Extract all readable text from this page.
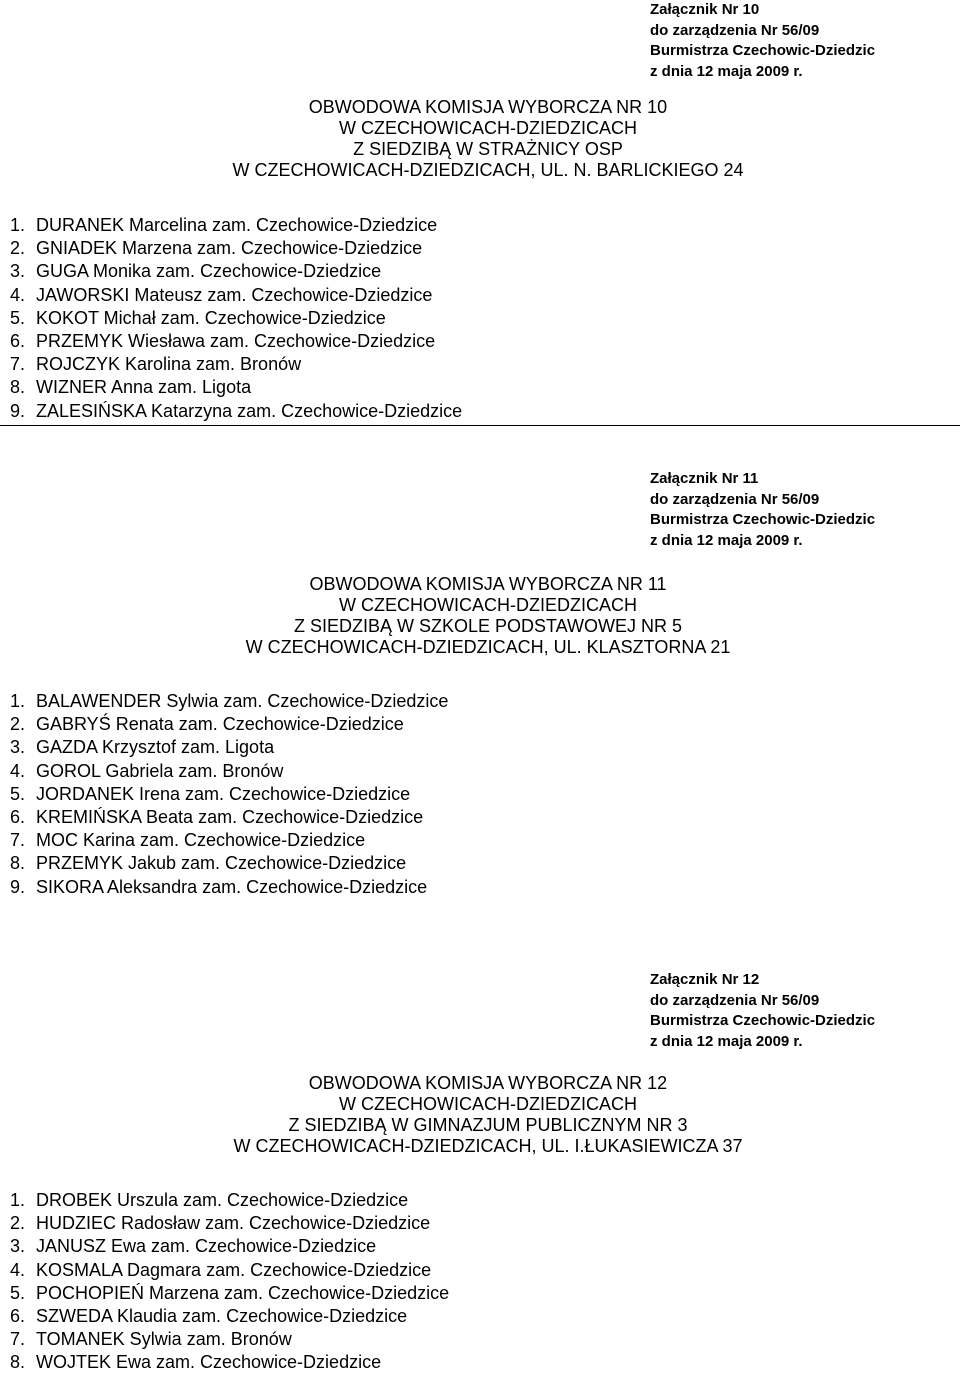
Załącznik Nr 10
do zarządzenia Nr 56/09
Burmistrza Czechowic-Dziedzic
z dnia 12 maja 2009 r.
OBWODOWA KOMISJA WYBORCZA NR 10
W CZECHOWICACH-DZIEDZICACH
Z SIEDZIBĄ W STRAŻNICY OSP
W CZECHOWICACH-DZIEDZICACH, UL. N. BARLICKIEGO 24
1. DURANEK Marcelina zam. Czechowice-Dziedzice
2. GNIADEK Marzena zam. Czechowice-Dziedzice
3. GUGA Monika zam. Czechowice-Dziedzice
4. JAWORSKI Mateusz zam. Czechowice-Dziedzice
5. KOKOT Michał zam. Czechowice-Dziedzice
6. PRZEMYK Wiesława zam. Czechowice-Dziedzice
7. ROJCZYK Karolina zam. Bronów
8. WIZNER Anna zam. Ligota
9. ZALESIŃSKA Katarzyna zam. Czechowice-Dziedzice
Załącznik Nr 11
do zarządzenia Nr 56/09
Burmistrza Czechowic-Dziedzic
z dnia 12 maja 2009 r.
OBWODOWA KOMISJA WYBORCZA NR 11
W CZECHOWICACH-DZIEDZICACH
Z SIEDZIBĄ W SZKOLE PODSTAWOWEJ NR 5
W CZECHOWICACH-DZIEDZICACH, UL. KLASZTORNA 21
1. BALAWENDER Sylwia zam. Czechowice-Dziedzice
2. GABRYŚ Renata zam. Czechowice-Dziedzice
3. GAZDA Krzysztof zam. Ligota
4. GOROL Gabriela zam. Bronów
5. JORDANEK Irena zam. Czechowice-Dziedzice
6. KREMIŃSKA Beata zam. Czechowice-Dziedzice
7. MOC Karina zam. Czechowice-Dziedzice
8. PRZEMYK Jakub zam. Czechowice-Dziedzice
9. SIKORA Aleksandra zam. Czechowice-Dziedzice
Załącznik Nr 12
do zarządzenia Nr 56/09
Burmistrza Czechowic-Dziedzic
z dnia 12 maja 2009 r.
OBWODOWA KOMISJA WYBORCZA NR 12
W CZECHOWICACH-DZIEDZICACH
Z SIEDZIBĄ W GIMNAZJUM PUBLICZNYM NR 3
W CZECHOWICACH-DZIEDZICACH, UL. I.ŁUKASIEWICZA 37
1. DROBEK Urszula zam. Czechowice-Dziedzice
2. HUDZIEC Radosław zam. Czechowice-Dziedzice
3. JANUSZ Ewa zam. Czechowice-Dziedzice
4. KOSMALA Dagmara zam. Czechowice-Dziedzice
5. POCHOPIEŃ Marzena zam. Czechowice-Dziedzice
6. SZWEDA Klaudia zam. Czechowice-Dziedzice
7. TOMANEK Sylwia zam. Bronów
8. WOJTEK Ewa zam. Czechowice-Dziedzice
